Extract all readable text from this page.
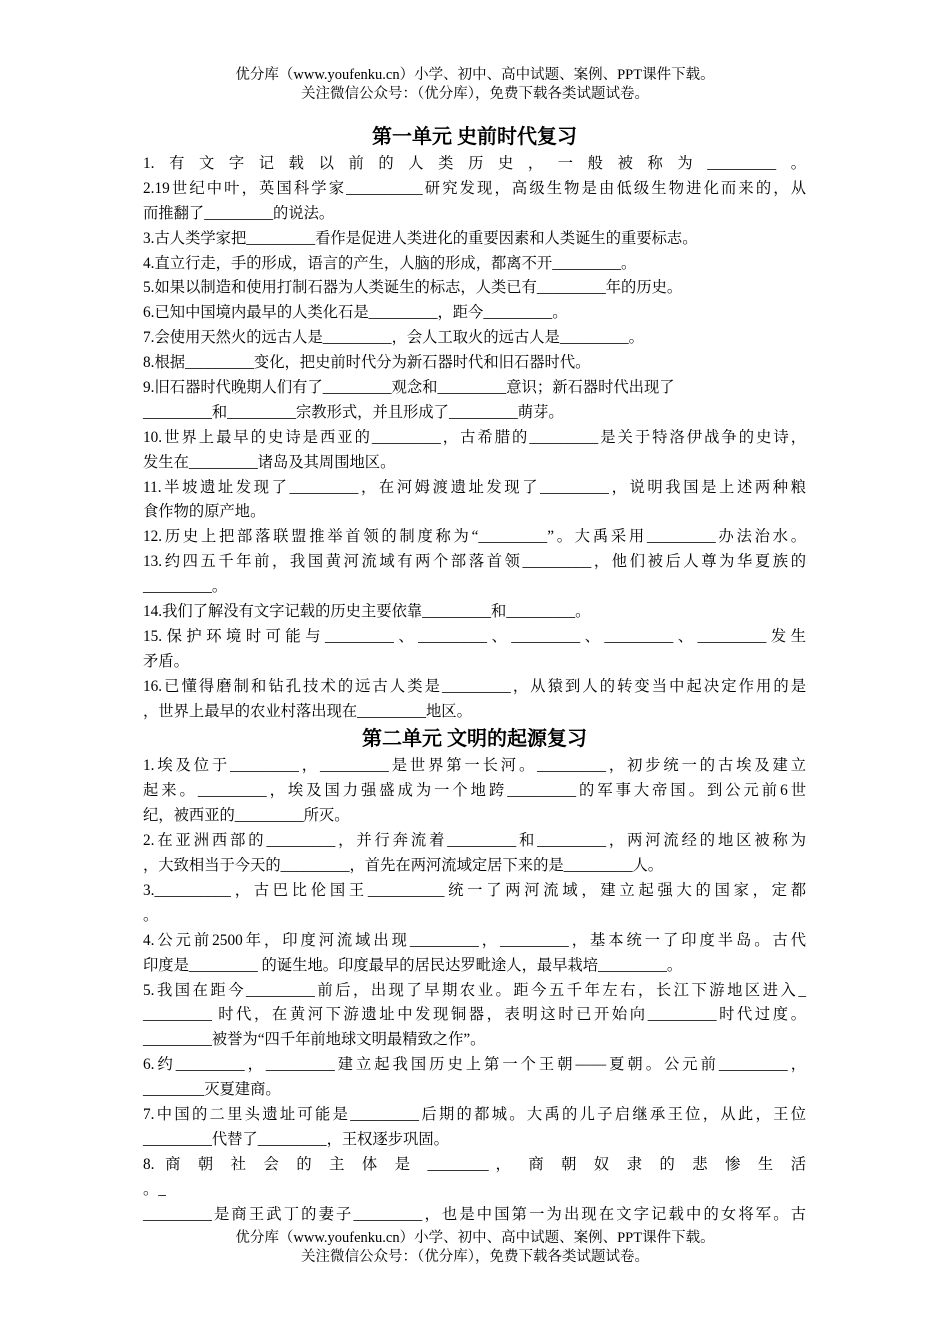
优分库（www.youfenku.cn）小学、初中、高中试题、案例、PPT课件下载。
关注微信公众号：（优分库），免费下载各类试题试卷。
第一单元 史前时代复习
1.有文字记载以前的人类历史，一般被称为_________。
2.19世纪中叶，英国科学家__________研究发现，高级生物是由低级生物进化而来的，从
而推翻了_________的说法。
3.古人类学家把_________看作是促进人类进化的重要因素和人类诞生的重要标志。
4.直立行走，手的形成，语言的产生，人脑的形成，都离不开_________。
5.如果以制造和使用打制石器为人类诞生的标志，人类已有_________年的历史。
6.已知中国境内最早的人类化石是_________，距今_________。
7.会使用天然火的远古人是_________，会人工取火的远古人是_________。
8.根据_________变化，把史前时代分为新石器时代和旧石器时代。
9.旧石器时代晚期人们有了_________观念和_________意识；新石器时代出现了
_________和_________宗教形式，并且形成了_________萌芽。
10.世界上最早的史诗是西亚的_________，古希腊的_________是关于特洛伊战争的史诗，
发生在_________诸岛及其周围地区。
11.半坡遗址发现了_________，在河姆渡遗址发现了_________，说明我国是上述两种粮
食作物的原产地。
12.历史上把部落联盟推举首领的制度称为“_________”。大禹采用_________办法治水。
13.约四五千年前，我国黄河流域有两个部落首领_________，他们被后人尊为华夏族的
_________。
14.我们了解没有文字记载的历史主要依靠_________和_________。
15.保护环境时可能与_________、_________、_________、_________、_________发生
矛盾。
16.已懂得磨制和钻孔技术的远古人类是_________，从猿到人的转变当中起决定作用的是
，世界上最早的农业村落出现在_________地区。
第二单元 文明的起源复习
1.埃及位于_________，_________是世界第一长河。_________，初步统一的古埃及建立
起来。_________，埃及国力强盛成为一个地跨_________的军事大帝国。到公元前6世
纪，被西亚的_________所灭。
2.在亚洲西部的_________，并行奔流着_________和_________，两河流经的地区被称为
，大致相当于今天的_________，首先在两河流域定居下来的是_________人。
3.__________，古巴比伦国王__________统一了两河流域，建立起强大的国家，定都
。
4.公元前2500年，印度河流域出现_________，_________，基本统一了印度半岛。古代
印度是_________ 的诞生地。印度最早的居民达罗毗途人，最早栽培_________。
5.我国在距今_________前后，出现了早期农业。距今五千年左右，长江下游地区进入_
_________ 时代，在黄河下游遗址中发现铜器，表明这时已开始向_________时代过度。
_________被誉为“四千年前地球文明最精致之作”。
6.约_________，_________建立起我国历史上第一个王朝——夏朝。公元前_________，
________灭夏建商。
7.中国的二里头遗址可能是_________后期的都城。大禹的儿子启继承王位，从此，王位
_________代替了_________，王权逐步巩固。
8. 商 朝 社 会 的 主 体 是 ________， 商 朝 奴 隶 的 悲 惨 生 活
。_
_________是商王武丁的妻子_________，也是中国第一为出现在文字记载中的女将军。古
优分库（www.youfenku.cn）小学、初中、高中试题、案例、PPT课件下载。
关注微信公众号：（优分库），免费下载各类试题试卷。
